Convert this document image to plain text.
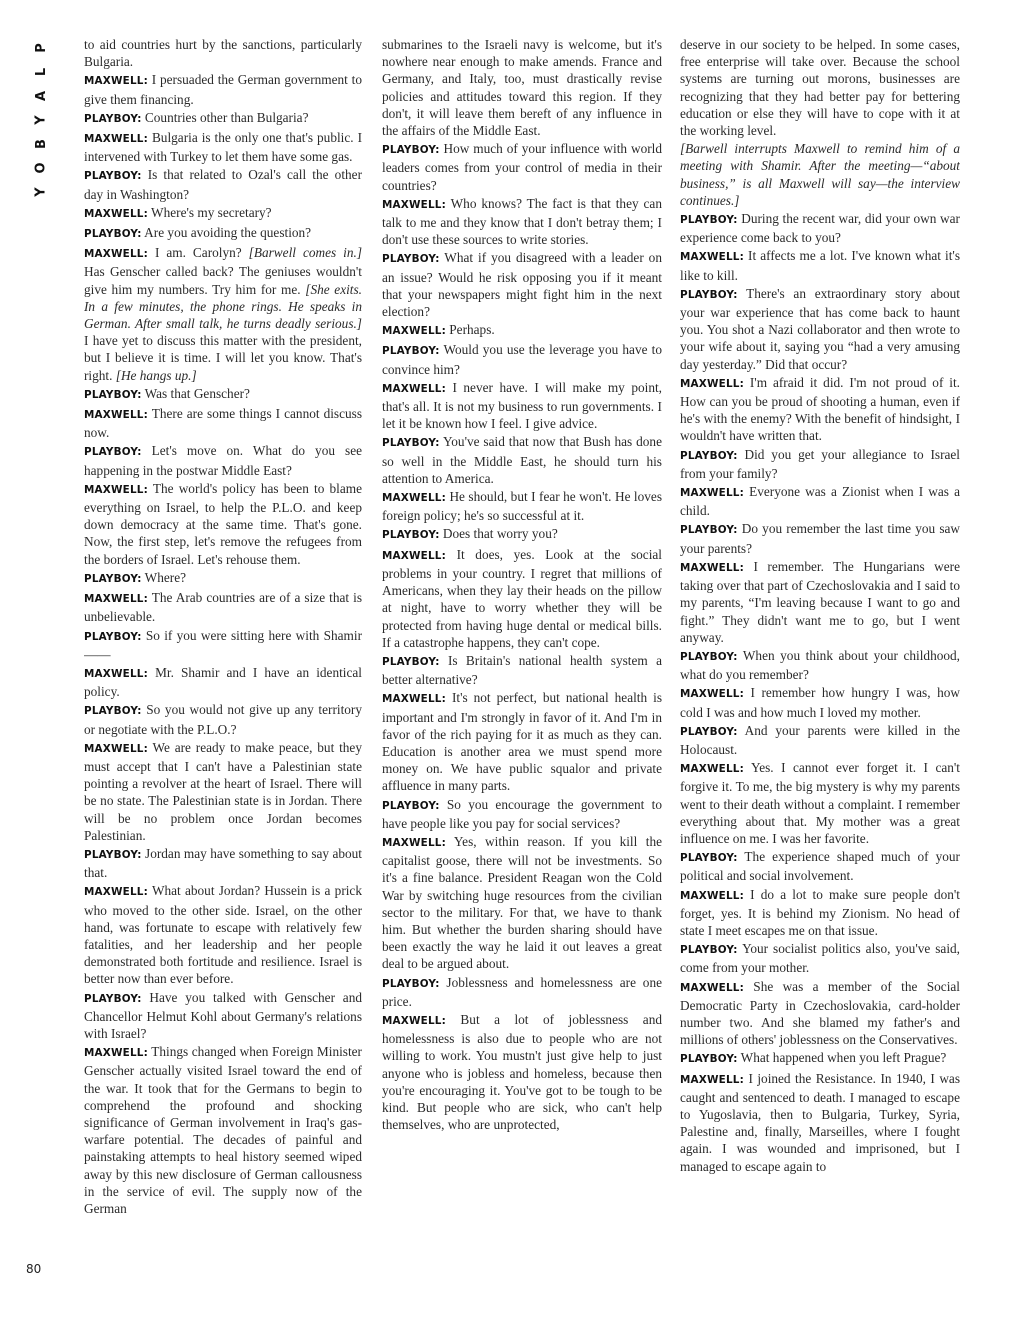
P
L
A
Y
B
O
Y

to aid countries hurt by the sanctions, particularly Bulgaria.

MAXWELL: I persuaded the German government to give them financing.

PLAYBOY: Countries other than Bulgaria?

MAXWELL: Bulgaria is the only one that's public. I intervened with Turkey to let them have some gas.

PLAYBOY: Is that related to Ozal's call the other day in Washington?

MAXWELL: Where's my secretary?

PLAYBOY: Are you avoiding the question?

MAXWELL: I am. Carolyn? [Barwell comes in.] Has Genscher called back? The geniuses wouldn't give him my numbers. Try him for me. [She exits. In a few minutes, the phone rings. He speaks in German. After small talk, he turns deadly serious.] I have yet to discuss this matter with the president, but I believe it is time. I will let you know. That's right. [He hangs up.]

PLAYBOY: Was that Genscher?

MAXWELL: There are some things I cannot discuss now.

PLAYBOY: Let's move on. What do you see happening in the postwar Middle East?

MAXWELL: The world's policy has been to blame everything on Israel, to help the P.L.O. and keep down democracy at the same time. That's gone. Now, the first step, let's remove the refugees from the borders of Israel. Let's rehouse them.

PLAYBOY: Where?

MAXWELL: The Arab countries are of a size that is unbelievable.

PLAYBOY: So if you were sitting here with Shamir——

MAXWELL: Mr. Shamir and I have an identical policy.

PLAYBOY: So you would not give up any territory or negotiate with the P.L.O.?

MAXWELL: We are ready to make peace, but they must accept that I can't have a Palestinian state pointing a revolver at the heart of Israel. There will be no state. The Palestinian state is in Jordan. There will be no problem once Jordan becomes Palestinian.

PLAYBOY: Jordan may have something to say about that.

MAXWELL: What about Jordan? Hussein is a prick who moved to the other side. Israel, on the other hand, was fortunate to escape with relatively few fatalities, and her leadership and her people demonstrated both fortitude and resilience. Israel is better now than ever before.

PLAYBOY: Have you talked with Genscher and Chancellor Helmut Kohl about Germany's relations with Israel?

MAXWELL: Things changed when Foreign Minister Genscher actually visited Israel toward the end of the war. It took that for the Germans to begin to comprehend the profound and shocking significance of German involvement in Iraq's gas-warfare potential. The decades of painful and painstaking attempts to heal history seemed wiped away by this new disclosure of German callousness in the service of evil. The supply now of the German

submarines to the Israeli navy is welcome, but it's nowhere near enough to make amends. France and Germany, and Italy, too, must drastically revise policies and attitudes toward this region. If they don't, it will leave them bereft of any influence in the affairs of the Middle East.

PLAYBOY: How much of your influence with world leaders comes from your control of media in their countries?

MAXWELL: Who knows? The fact is that they can talk to me and they know that I don't betray them; I don't use these sources to write stories.

PLAYBOY: What if you disagreed with a leader on an issue? Would he risk opposing you if it meant that your newspapers might fight him in the next election?

MAXWELL: Perhaps.

PLAYBOY: Would you use the leverage you have to convince him?

MAXWELL: I never have. I will make my point, that's all. It is not my business to run governments. I let it be known how I feel. I give advice.

PLAYBOY: You've said that now that Bush has done so well in the Middle East, he should turn his attention to America.

MAXWELL: He should, but I fear he won't. He loves foreign policy; he's so successful at it.

PLAYBOY: Does that worry you?

MAXWELL: It does, yes. Look at the social problems in your country. I regret that millions of Americans, when they lay their heads on the pillow at night, have to worry whether they will be protected from having huge dental or medical bills. If a catastrophe happens, they can't cope.

PLAYBOY: Is Britain's national health system a better alternative?

MAXWELL: It's not perfect, but national health is important and I'm strongly in favor of it. And I'm in favor of the rich paying for it as much as they can. Education is another area we must spend more money on. We have public squalor and private affluence in many parts.

PLAYBOY: So you encourage the government to have people like you pay for social services?

MAXWELL: Yes, within reason. If you kill the capitalist goose, there will not be investments. So it's a fine balance. President Reagan won the Cold War by switching huge resources from the civilian sector to the military. For that, we have to thank him. But whether the burden sharing should have been exactly the way he laid it out leaves a great deal to be argued about.

PLAYBOY: Joblessness and homelessness are one price.

MAXWELL: But a lot of joblessness and homelessness is also due to people who are not willing to work. You mustn't just give help to just anyone who is jobless and homeless, because then you're encouraging it. You've got to be tough to be kind. But people who are sick, who can't help themselves, who are unprotected,

deserve in our society to be helped. In some cases, free enterprise will take over. Because the school systems are turning out morons, businesses are recognizing that they had better pay for bettering education or else they will have to cope with it at the working level.

[Barwell interrupts Maxwell to remind him of a meeting with Shamir. After the meeting—“about business,” is all Maxwell will say—the interview continues.]

PLAYBOY: During the recent war, did your own war experience come back to you?

MAXWELL: It affects me a lot. I've known what it's like to kill.

PLAYBOY: There's an extraordinary story about your war experience that has come back to haunt you. You shot a Nazi collaborator and then wrote to your wife about it, saying you “had a very amusing day yesterday.” Did that occur?

MAXWELL: I'm afraid it did. I'm not proud of it. How can you be proud of shooting a human, even if he's with the enemy? With the benefit of hindsight, I wouldn't have written that.

PLAYBOY: Did you get your allegiance to Israel from your family?

MAXWELL: Everyone was a Zionist when I was a child.

PLAYBOY: Do you remember the last time you saw your parents?

MAXWELL: I remember. The Hungarians were taking over that part of Czechoslovakia and I said to my parents, “I'm leaving because I want to go and fight.” They didn't want me to go, but I went anyway.

PLAYBOY: When you think about your childhood, what do you remember?

MAXWELL: I remember how hungry I was, how cold I was and how much I loved my mother.

PLAYBOY: And your parents were killed in the Holocaust.

MAXWELL: Yes. I cannot ever forget it. I can't forgive it. To me, the big mystery is why my parents went to their death without a complaint. I remember everything about that. My mother was a great influence on me. I was her favorite.

PLAYBOY: The experience shaped much of your political and social involvement.

MAXWELL: I do a lot to make sure people don't forget, yes. It is behind my Zionism. No head of state I meet escapes me on that issue.

PLAYBOY: Your socialist politics also, you've said, come from your mother.

MAXWELL: She was a member of the Social Democratic Party in Czechoslovakia, card-holder number two. And she blamed my father's and millions of others' joblessness on the Conservatives.

PLAYBOY: What happened when you left Prague?

MAXWELL: I joined the Resistance. In 1940, I was caught and sentenced to death. I managed to escape to Yugoslavia, then to Bulgaria, Turkey, Syria, Palestine and, finally, Marseilles, where I fought again. I was wounded and imprisoned, but I managed to escape again to

80
